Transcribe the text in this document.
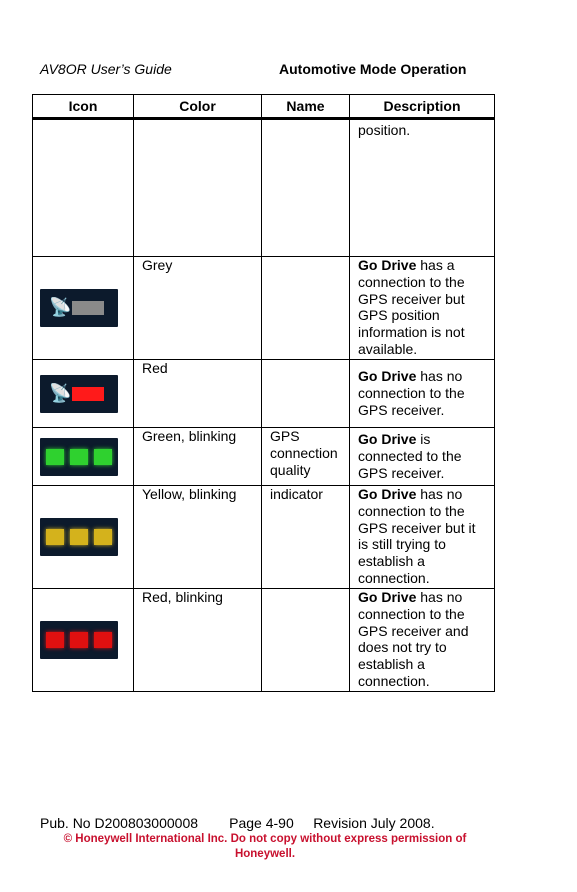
AV8OR User’s Guide	Automotive Mode Operation
Icon	Color	Name	Description
			position.

📡	Grey		Go Drive has a connection to the GPS receiver but GPS position information is not available.

📡	Red		Go Drive has no connection to the GPS receiver.

	Green, blinking	GPS connection quality	Go Drive is connected to the GPS receiver.

	Yellow, blinking	indicator	Go Drive has no connection to the GPS receiver but it is still trying to establish a connection.

	Red, blinking		Go Drive has no connection to the GPS receiver and does not try to establish a connection.
Pub. No D200803000008        Page 4-90     Revision July 2008.
© Honeywell International Inc. Do not copy without express permission of Honeywell.
